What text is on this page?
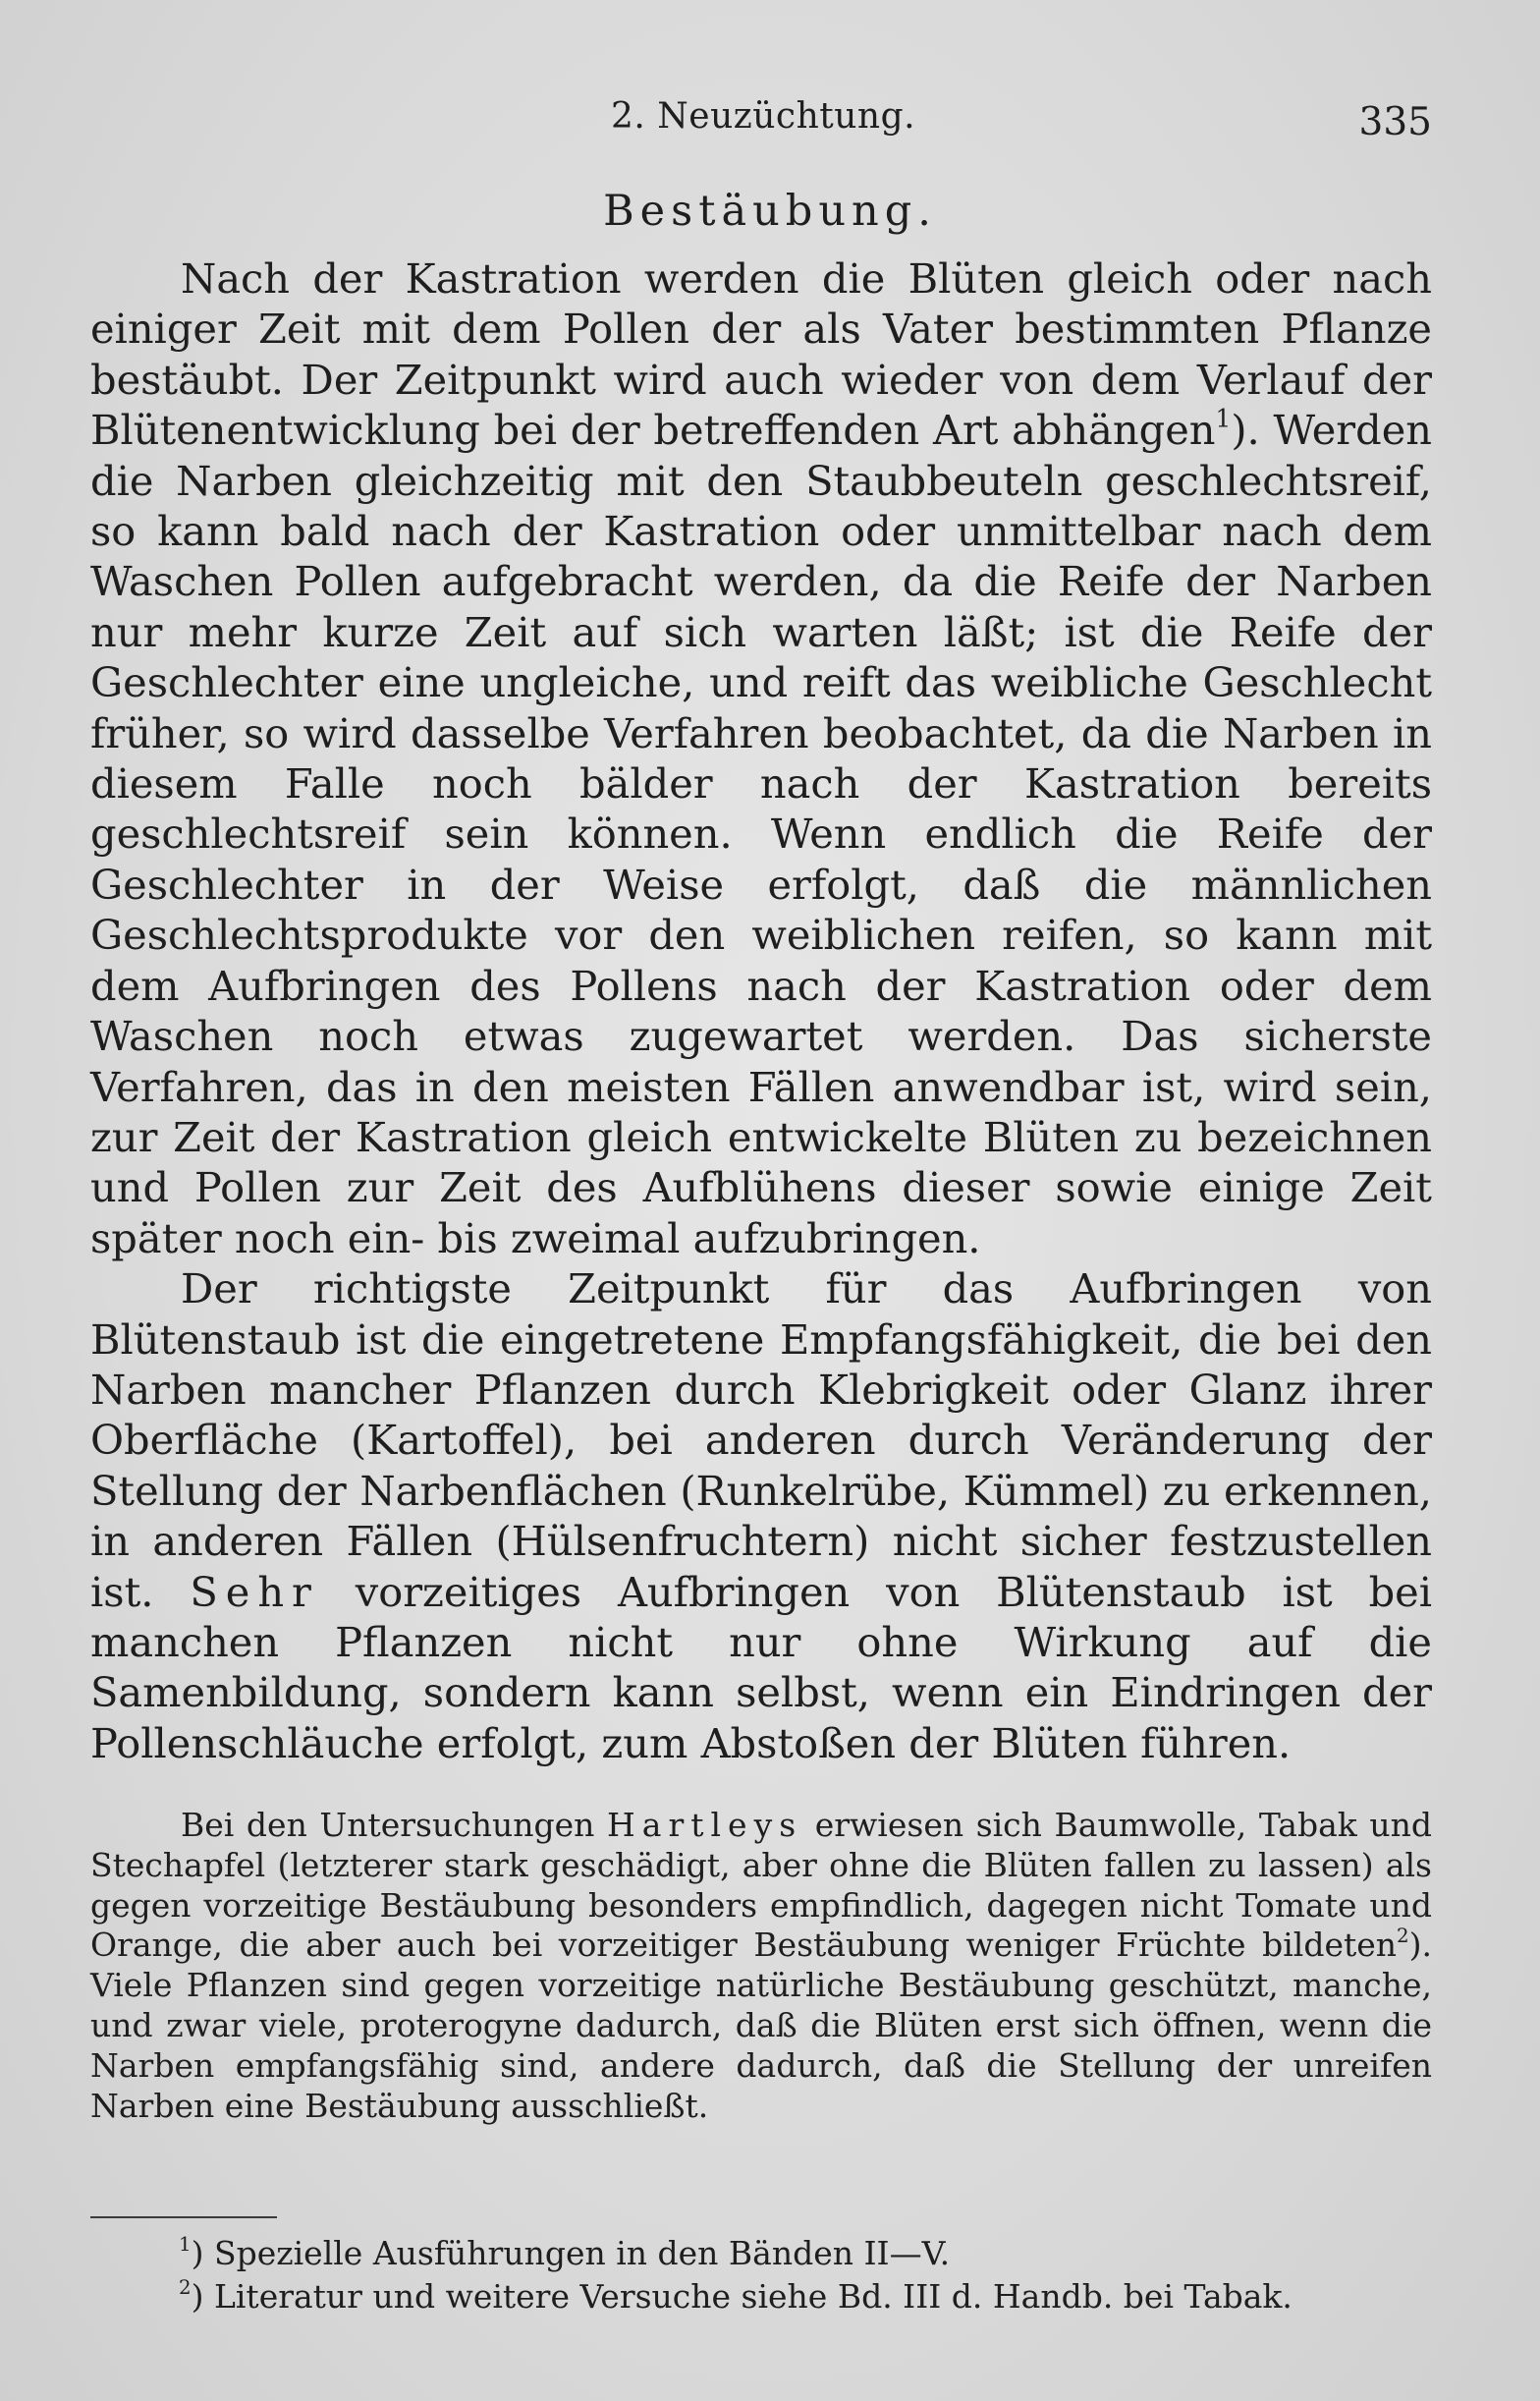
2. Neuzüchtung.	335
Bestäubung.

Nach der Kastration werden die Blüten gleich oder nach einiger Zeit mit dem Pollen der als Vater bestimmten Pflanze bestäubt. Der Zeitpunkt wird auch wieder von dem Verlauf der Blütenentwicklung bei der betreffenden Art abhängen$^1$). Werden die Narben gleichzeitig mit den Staubbeuteln geschlechtsreif, so kann bald nach der Kastration oder unmittelbar nach dem Waschen Pollen aufgebracht werden, da die Reife der Narben nur mehr kurze Zeit auf sich warten läßt; ist die Reife der Geschlechter eine ungleiche, und reift das weibliche Geschlecht früher, so wird dasselbe Verfahren beobachtet, da die Narben in diesem Falle noch bälder nach der Kastration bereits geschlechtsreif sein können. Wenn endlich die Reife der Geschlechter in der Weise erfolgt, daß die männlichen Geschlechtsprodukte vor den weiblichen reifen, so kann mit dem Aufbringen des Pollens nach der Kastration oder dem Waschen noch etwas zugewartet werden. Das sicherste Verfahren, das in den meisten Fällen anwendbar ist, wird sein, zur Zeit der Kastration gleich entwickelte Blüten zu bezeichnen und Pollen zur Zeit des Aufblühens dieser sowie einige Zeit später noch ein- bis zweimal aufzubringen.

Der richtigste Zeitpunkt für das Aufbringen von Blütenstaub ist die eingetretene Empfangsfähigkeit, die bei den Narben mancher Pflanzen durch Klebrigkeit oder Glanz ihrer Oberfläche (Kartoffel), bei anderen durch Veränderung der Stellung der Narbenflächen (Runkelrübe, Kümmel) zu erkennen, in anderen Fällen (Hülsenfruchtern) nicht sicher festzustellen ist. Sehr vorzeitiges Aufbringen von Blütenstaub ist bei manchen Pflanzen nicht nur ohne Wirkung auf die Samenbildung, sondern kann selbst, wenn ein Eindringen der Pollenschläuche erfolgt, zum Abstoßen der Blüten führen.

Bei den Untersuchungen Hartleys erwiesen sich Baumwolle, Tabak und Stechapfel (letzterer stark geschädigt, aber ohne die Blüten fallen zu lassen) als gegen vorzeitige Bestäubung besonders empfindlich, dagegen nicht Tomate und Orange, die aber auch bei vorzeitiger Bestäubung weniger Früchte bildeten$^2$). Viele Pflanzen sind gegen vorzeitige natürliche Bestäubung geschützt, manche, und zwar viele, proterogyne dadurch, daß die Blüten erst sich öffnen, wenn die Narben empfangsfähig sind, andere dadurch, daß die Stellung der unreifen Narben eine Bestäubung ausschließt.

$^1$) Spezielle Ausführungen in den Bänden II—V.

$^2$) Literatur und weitere Versuche siehe Bd. III d. Handb. bei Tabak.
